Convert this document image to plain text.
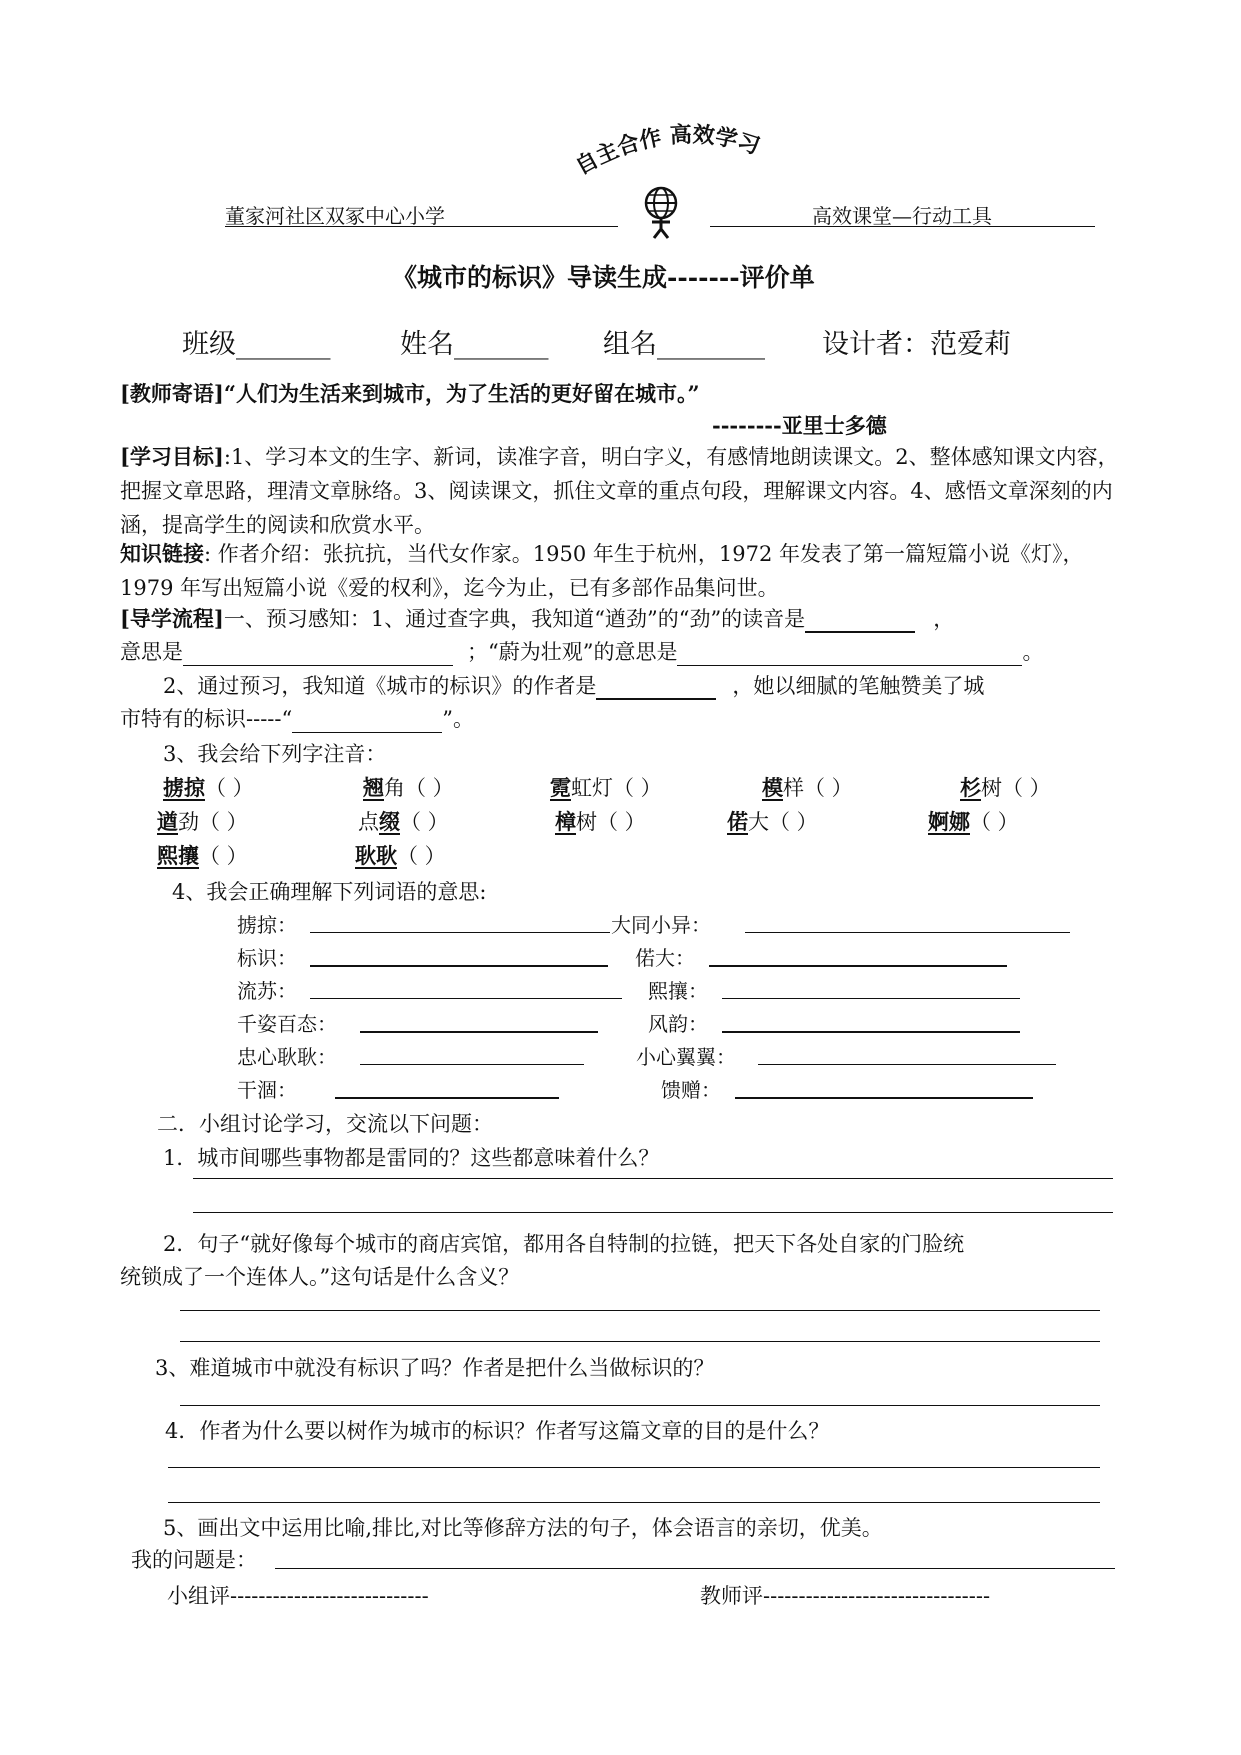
自主合作 高效学习
董家河社区双冢中心小学	高效课堂—行动工具
《城市的标识》导读生成-------评价单
班级_______	姓名_______ 组名________ 设计者：范爱莉
[教师寄语]“人们为生活来到城市，为了生活的更好留在城市。”
--------亚里士多德
[学习目标]:1、学习本文的生字、新词，读准字音，明白字义，有感情地朗读课文。2、整体感知课文内容，把握文章思路，理清文章脉络。3、阅读课文，抓住文章的重点句段，理解课文内容。4、感悟文章深刻的内涵，提高学生的阅读和欣赏水平。
知识链接: 作者介绍：张抗抗，当代女作家。1950 年生于杭州，1972 年发表了第一篇短篇小说《灯》，1979 年写出短篇小说《爱的权利》，迄今为止，已有多部作品集问世。
[导学流程]一、预习感知：1、通过查字典，我知道“遒劲”的“劲”的读音是	，
意思是	；“蔚为壮观”的意思是	。
2、通过预习，我知道《城市的标识》的作者是	，她以细腻的笔触赞美了城
市特有的标识-----“	”。
3、我会给下列字注音：
掳掠（ ）	翘角（ ）	霓虹灯（ ）	模样（ ）	杉树（ ）
遒劲（ ）	点缀（ ）	樟树（ ）	偌大（ ）	婀娜（ ）
熙攘（ ）	耿耿（ ）
4、我会正确理解下列词语的意思:
掳掠：	大同小异：
标识：	偌大：
流苏：	熙攘：
千姿百态：	风韵：
忠心耿耿：	小心翼翼：
干涸：	馈赠：
二．小组讨论学习，交流以下问题：
1．城市间哪些事物都是雷同的？这些都意味着什么？
2．句子“就好像每个城市的商店宾馆，都用各自特制的拉链，把天下各处自家的门脸统
统锁成了一个连体人。”这句话是什么含义？
3、难道城市中就没有标识了吗？作者是把什么当做标识的？
4．作者为什么要以树作为城市的标识？作者写这篇文章的目的是什么？
5、画出文中运用比喻,排比,对比等修辞方法的句子，体会语言的亲切，优美。
我的问题是：
小组评----------------------------	教师评--------------------------------
